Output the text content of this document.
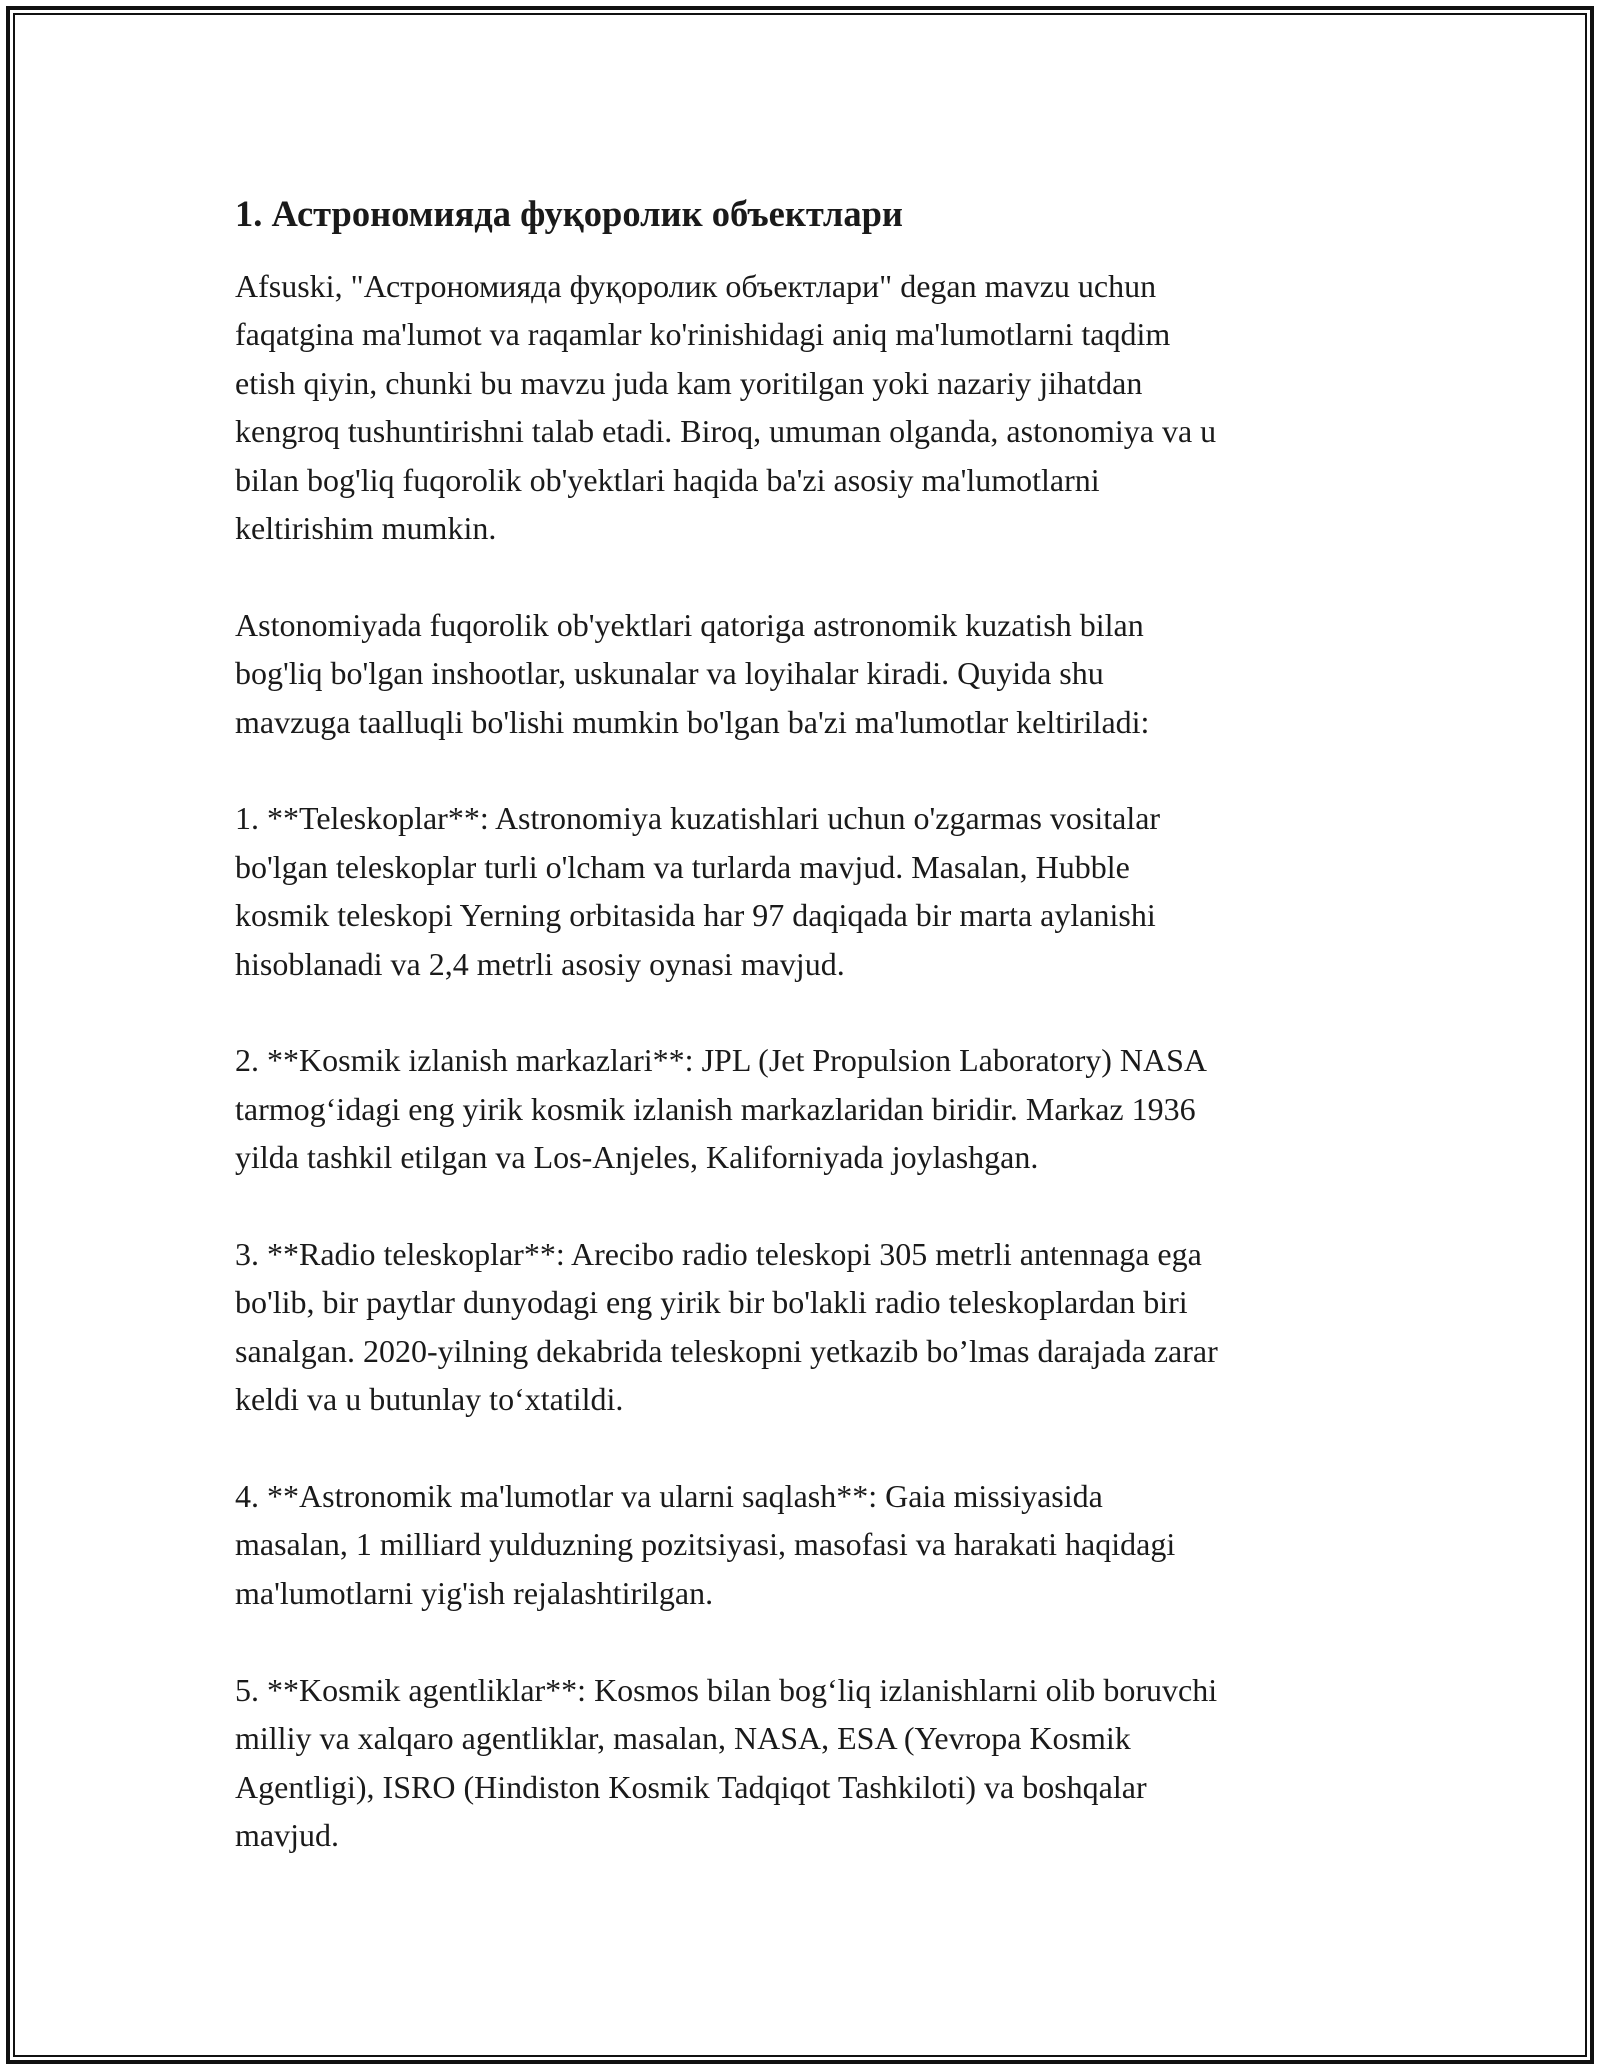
1. Астрономияда фуқоролик объектлари

Afsuski, "Астрономияда фуқоролик объектлари" degan mavzu uchun
faqatgina ma'lumot va raqamlar ko'rinishidagi aniq ma'lumotlarni taqdim
etish qiyin, chunki bu mavzu juda kam yoritilgan yoki nazariy jihatdan
kengroq tushuntirishni talab etadi. Biroq, umuman olganda, astonomiya va u
bilan bog'liq fuqorolik ob'yektlari haqida ba'zi asosiy ma'lumotlarni
keltirishim mumkin.

Astonomiyada fuqorolik ob'yektlari qatoriga astronomik kuzatish bilan
bog'liq bo'lgan inshootlar, uskunalar va loyihalar kiradi. Quyida shu
mavzuga taalluqli bo'lishi mumkin bo'lgan ba'zi ma'lumotlar keltiriladi:

1. **Teleskoplar**: Astronomiya kuzatishlari uchun o'zgarmas vositalar
bo'lgan teleskoplar turli o'lcham va turlarda mavjud. Masalan, Hubble
kosmik teleskopi Yerning orbitasida har 97 daqiqada bir marta aylanishi
hisoblanadi va 2,4 metrli asosiy oynasi mavjud.

2. **Kosmik izlanish markazlari**: JPL (Jet Propulsion Laboratory) NASA
tarmog‘idagi eng yirik kosmik izlanish markazlaridan biridir. Markaz 1936
yilda tashkil etilgan va Los-Anjeles, Kaliforniyada joylashgan.

3. **Radio teleskoplar**: Arecibo radio teleskopi 305 metrli antennaga ega
bo'lib, bir paytlar dunyodagi eng yirik bir bo'lakli radio teleskoplardan biri
sanalgan. 2020-yilning dekabrida teleskopni yetkazib bo’lmas darajada zarar
keldi va u butunlay to‘xtatildi.

4. **Astronomik ma'lumotlar va ularni saqlash**: Gaia missiyasida
masalan, 1 milliard yulduzning pozitsiyasi, masofasi va harakati haqidagi
ma'lumotlarni yig'ish rejalashtirilgan.

5. **Kosmik agentliklar**: Kosmos bilan bog‘liq izlanishlarni olib boruvchi
milliy va xalqaro agentliklar, masalan, NASA, ESA (Yevropa Kosmik
Agentligi), ISRO (Hindiston Kosmik Tadqiqot Tashkiloti) va boshqalar
mavjud.
